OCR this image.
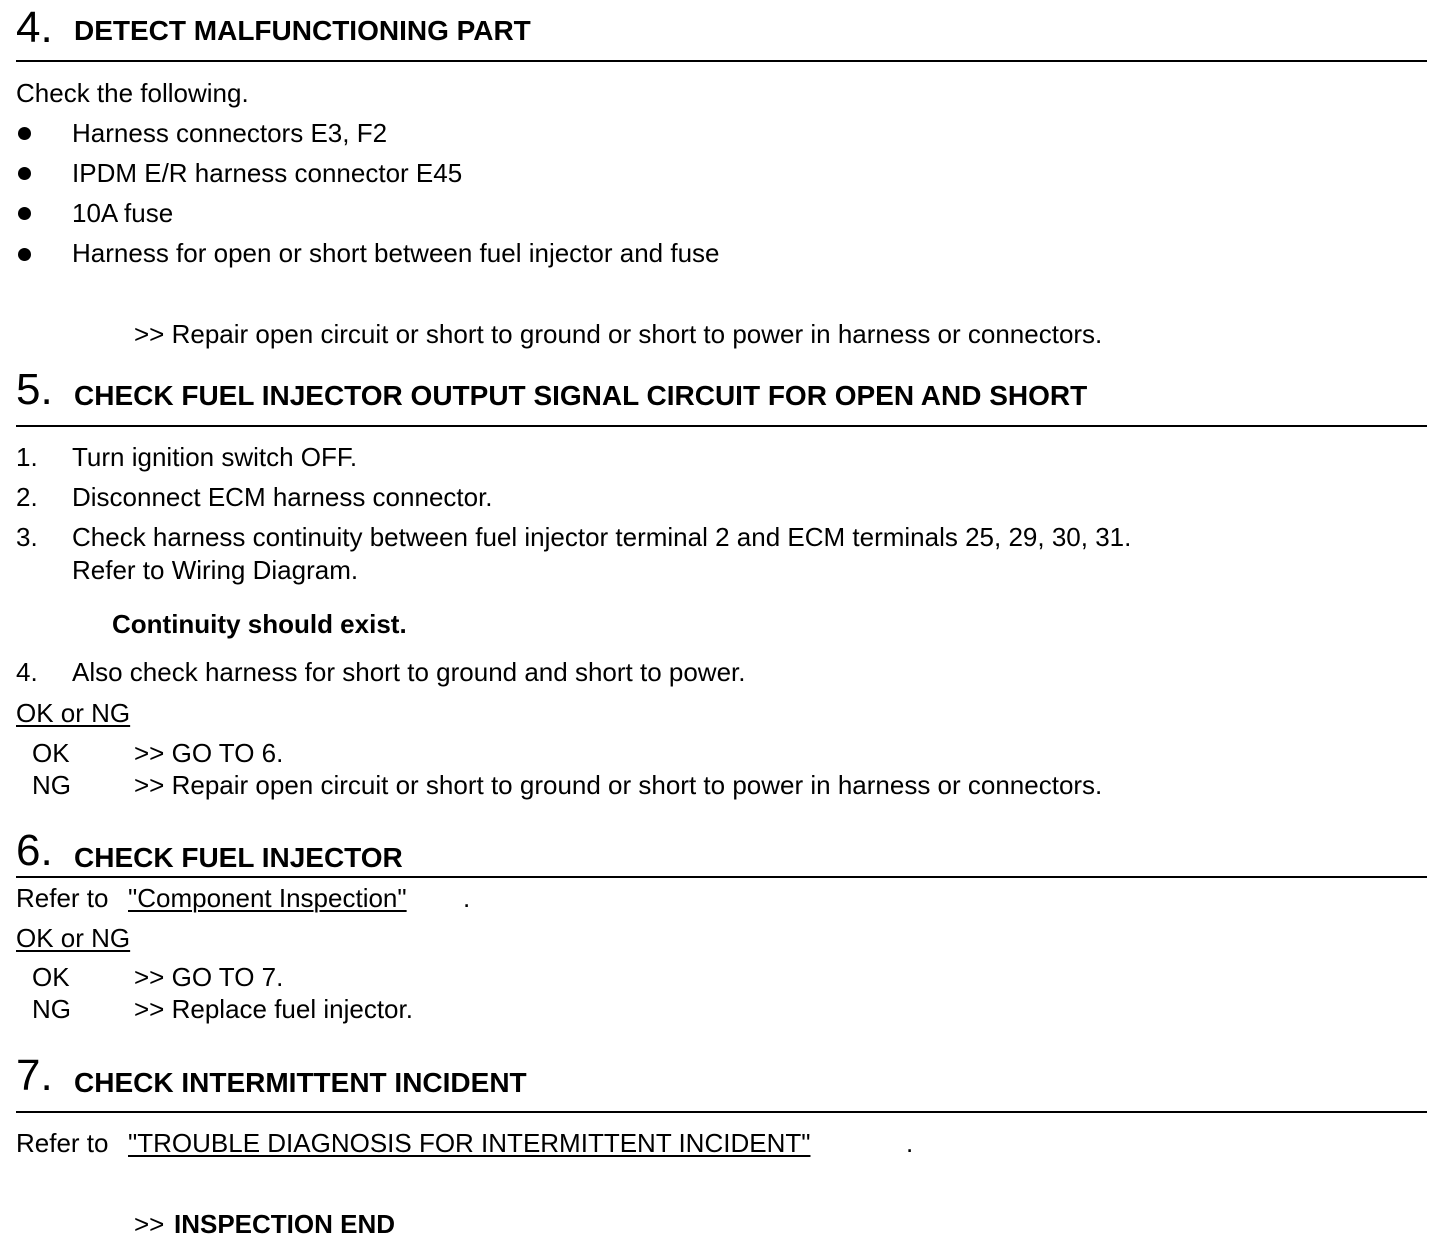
4. DETECT MALFUNCTIONING PART
Check the following.
Harness connectors E3, F2
IPDM E/R harness connector E45
10A fuse
Harness for open or short between fuel injector and fuse
>> Repair open circuit or short to ground or short to power in harness or connectors.
5. CHECK FUEL INJECTOR OUTPUT SIGNAL CIRCUIT FOR OPEN AND SHORT
1. Turn ignition switch OFF.
2. Disconnect ECM harness connector.
3. Check harness continuity between fuel injector terminal 2 and ECM terminals 25, 29, 30, 31.
Refer to Wiring Diagram.
Continuity should exist.
4. Also check harness for short to ground and short to power.
OK or NG
OK >> GO TO 6.
NG >> Repair open circuit or short to ground or short to power in harness or connectors.
6. CHECK FUEL INJECTOR
Refer to "Component Inspection" .
OK or NG
OK >> GO TO 7.
NG >> Replace fuel injector.
7. CHECK INTERMITTENT INCIDENT
Refer to "TROUBLE DIAGNOSIS FOR INTERMITTENT INCIDENT"	.
>> INSPECTION END
